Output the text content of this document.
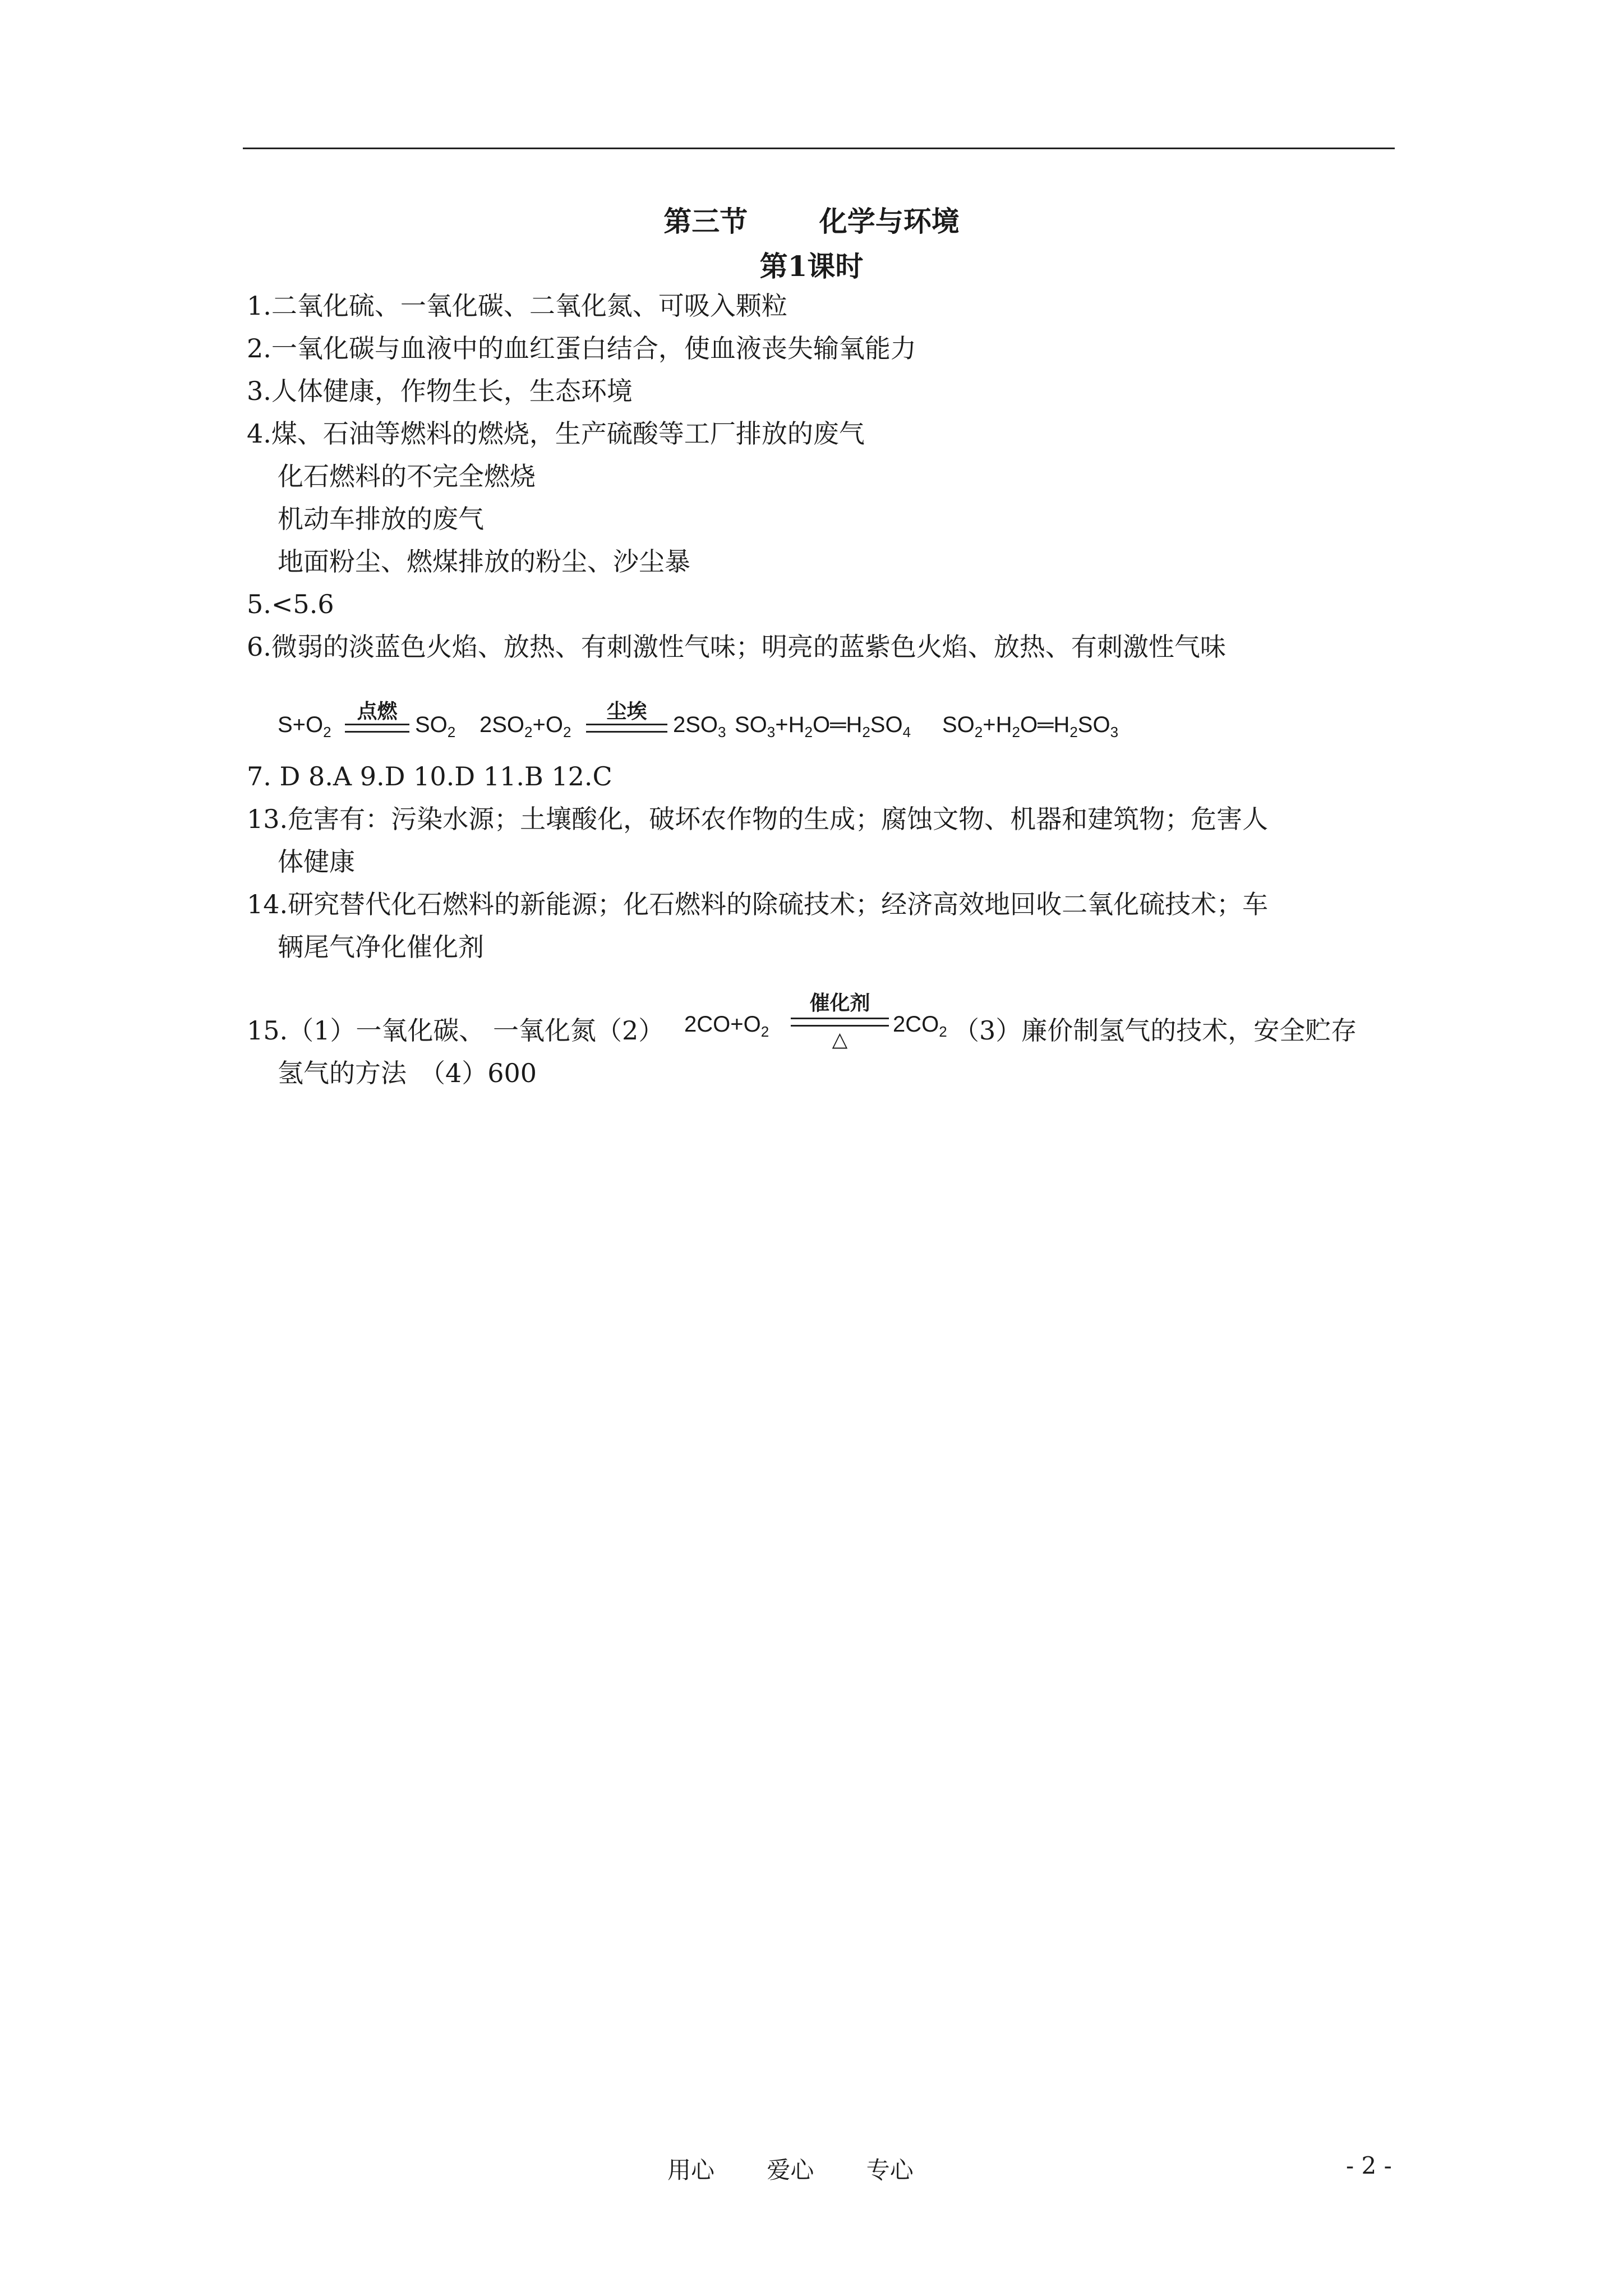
第三节　 化学与环境
第1课时
1.二氧化硫、一氧化碳、二氧化氮、可吸入颗粒
2.一氧化碳与血液中的血红蛋白结合，使血液丧失输氧能力
3.人体健康，作物生长，生态环境
4.煤、石油等燃料的燃烧，生产硫酸等工厂排放的废气
化石燃料的不完全燃烧
机动车排放的废气
地面粉尘、燃煤排放的粉尘、沙尘暴
5.<5.6
6.微弱的淡蓝色火焰、放热、有刺激性气味；明亮的蓝紫色火焰、放热、有刺激性气味
$S+O_2$
点燃
$SO_2$ $2SO_2+O_2$
尘埃
$2SO_3$ $SO_3+H_2O═H_2SO_4$ $SO_2+H_2O═H_2SO_3$
7. D 8.A 9.D 10.D 11.B 12.C
13.危害有：污染水源；土壤酸化，破坏农作物的生成；腐蚀文物、机器和建筑物；危害人
体健康
14.研究替代化石燃料的新能源；化石燃料的除硫技术；经济高效地回收二氧化硫技术；车
辆尾气净化催化剂
15.（1）一氧化碳、 一氧化氮（2） $2CO+O_2$
催化剂
△
$2CO_2$ （3）廉价制氢气的技术，安全贮存
氢气的方法　（4）600
用心 爱心 专心	- 2 -
